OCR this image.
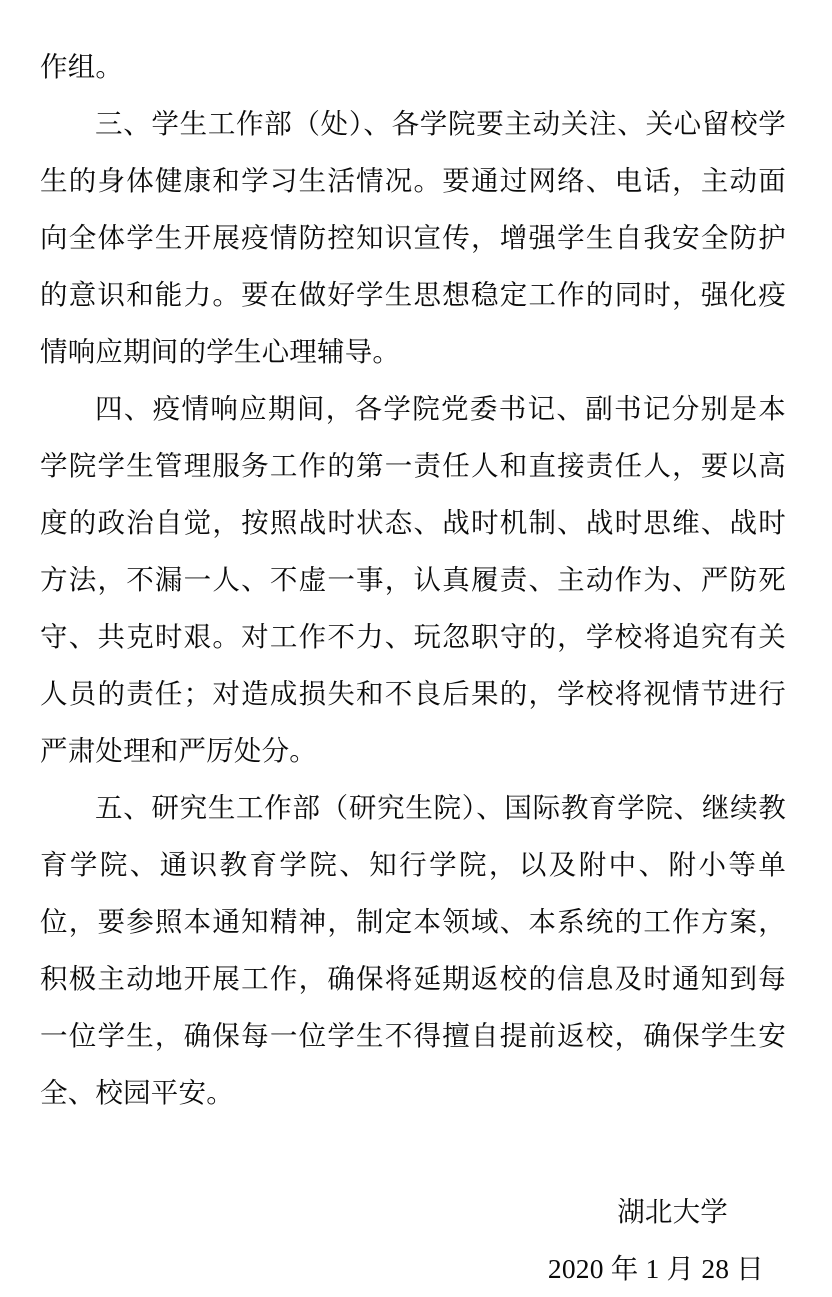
作组。

三、学生工作部（处）、各学院要主动关注、关心留校学生的身体健康和学习生活情况。要通过网络、电话，主动面向全体学生开展疫情防控知识宣传，增强学生自我安全防护的意识和能力。要在做好学生思想稳定工作的同时，强化疫情响应期间的学生心理辅导。

四、疫情响应期间，各学院党委书记、副书记分别是本学院学生管理服务工作的第一责任人和直接责任人，要以高度的政治自觉，按照战时状态、战时机制、战时思维、战时方法，不漏一人、不虚一事，认真履责、主动作为、严防死守、共克时艰。对工作不力、玩忽职守的，学校将追究有关人员的责任；对造成损失和不良后果的，学校将视情节进行严肃处理和严厉处分。

五、研究生工作部（研究生院）、国际教育学院、继续教育学院、通识教育学院、知行学院，以及附中、附小等单位，要参照本通知精神，制定本领域、本系统的工作方案，积极主动地开展工作，确保将延期返校的信息及时通知到每一位学生，确保每一位学生不得擅自提前返校，确保学生安全、校园平安。

湖北大学
2020 年 1 月 28 日
